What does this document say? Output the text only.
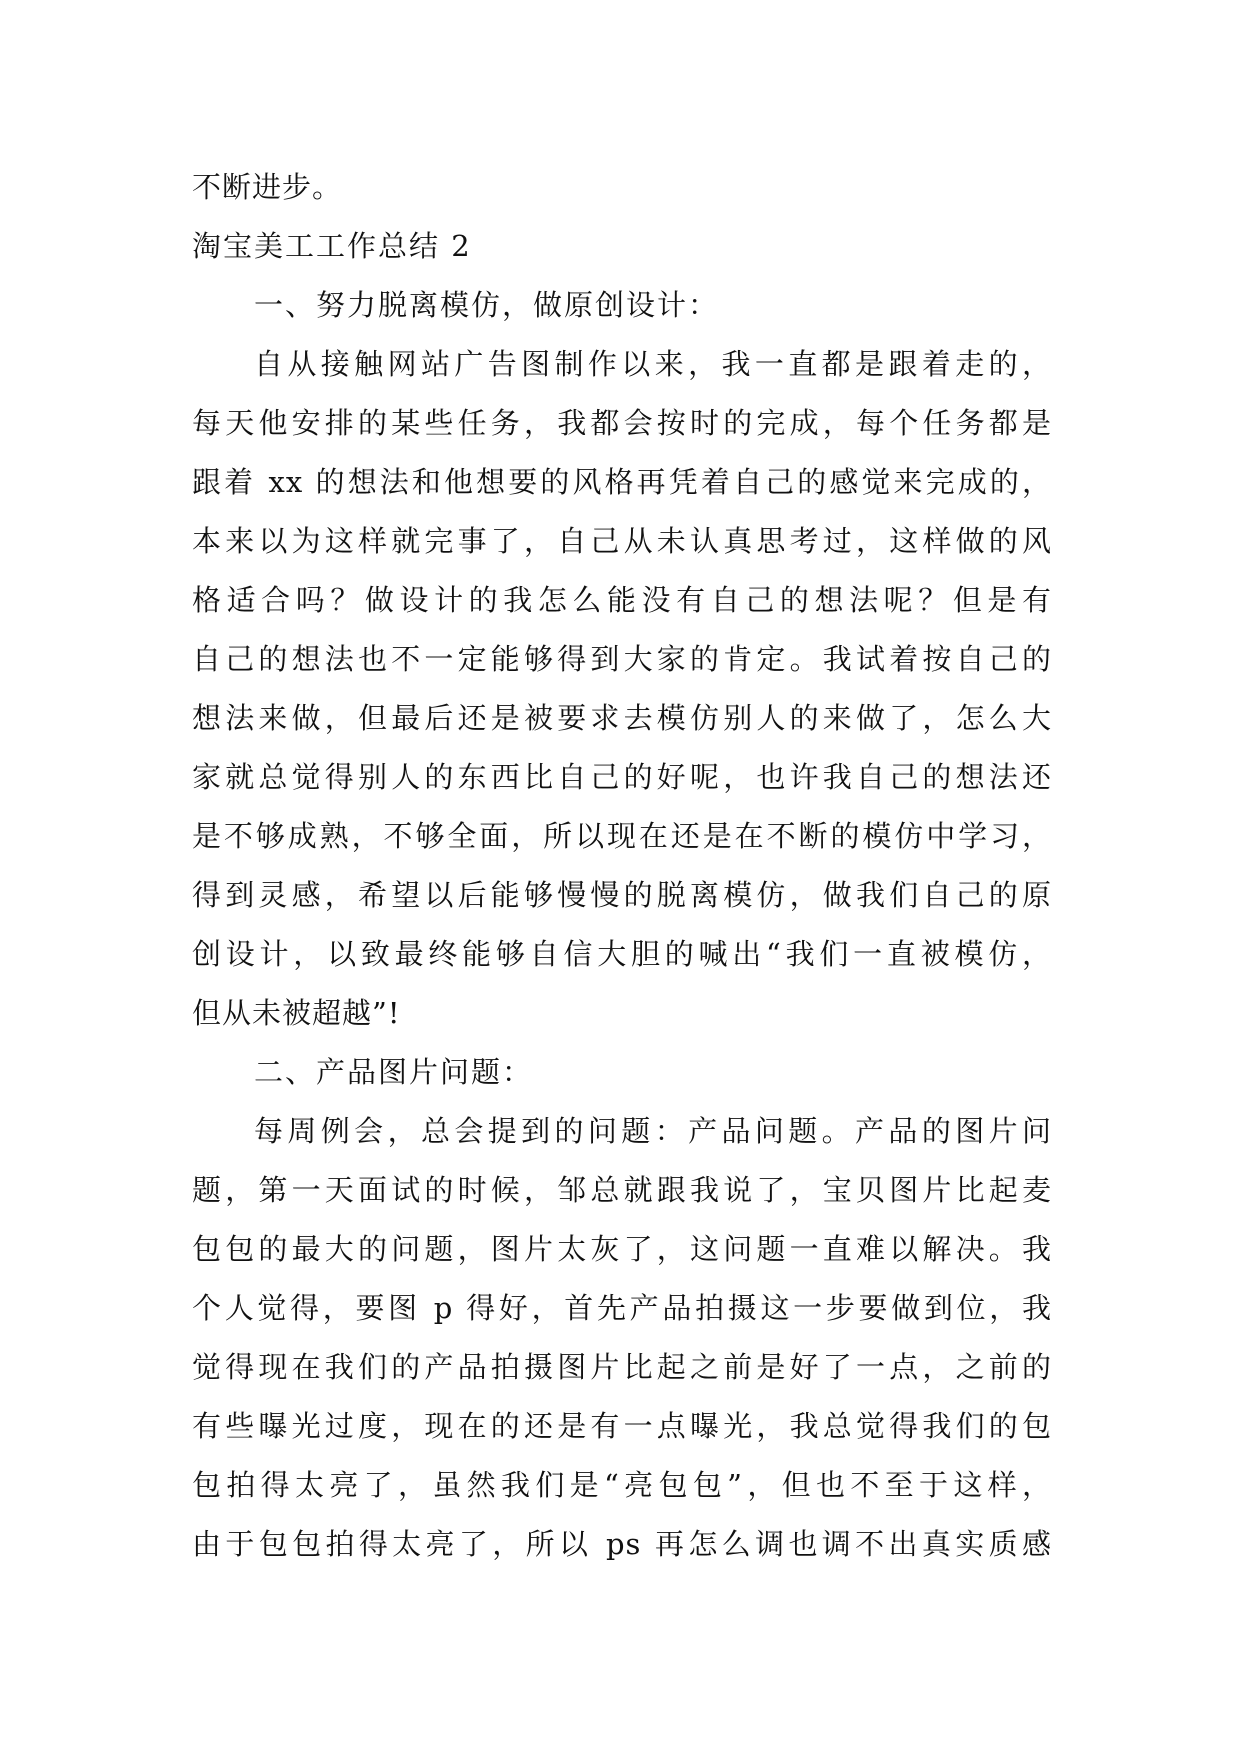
不断进步。
淘宝美工工作总结 2
一、努力脱离模仿，做原创设计：
自从接触网站广告图制作以来，我一直都是跟着走的，
每天他安排的某些任务，我都会按时的完成，每个任务都是
跟着 xx 的想法和他想要的风格再凭着自己的感觉来完成的，
本来以为这样就完事了，自己从未认真思考过，这样做的风
格适合吗？做设计的我怎么能没有自己的想法呢？但是有
自己的想法也不一定能够得到大家的肯定。我试着按自己的
想法来做，但最后还是被要求去模仿别人的来做了，怎么大
家就总觉得别人的东西比自己的好呢，也许我自己的想法还
是不够成熟，不够全面，所以现在还是在不断的模仿中学习，
得到灵感，希望以后能够慢慢的脱离模仿，做我们自己的原
创设计，以致最终能够自信大胆的喊出“我们一直被模仿，
但从未被超越”!
二、产品图片问题：
每周例会，总会提到的问题：产品问题。产品的图片问
题，第一天面试的时候，邹总就跟我说了，宝贝图片比起麦
包包的最大的问题，图片太灰了，这问题一直难以解决。我
个人觉得，要图 p 得好，首先产品拍摄这一步要做到位，我
觉得现在我们的产品拍摄图片比起之前是好了一点，之前的
有些曝光过度，现在的还是有一点曝光，我总觉得我们的包
包拍得太亮了，虽然我们是“亮包包”，但也不至于这样，
由于包包拍得太亮了，所以 ps 再怎么调也调不出真实质感
